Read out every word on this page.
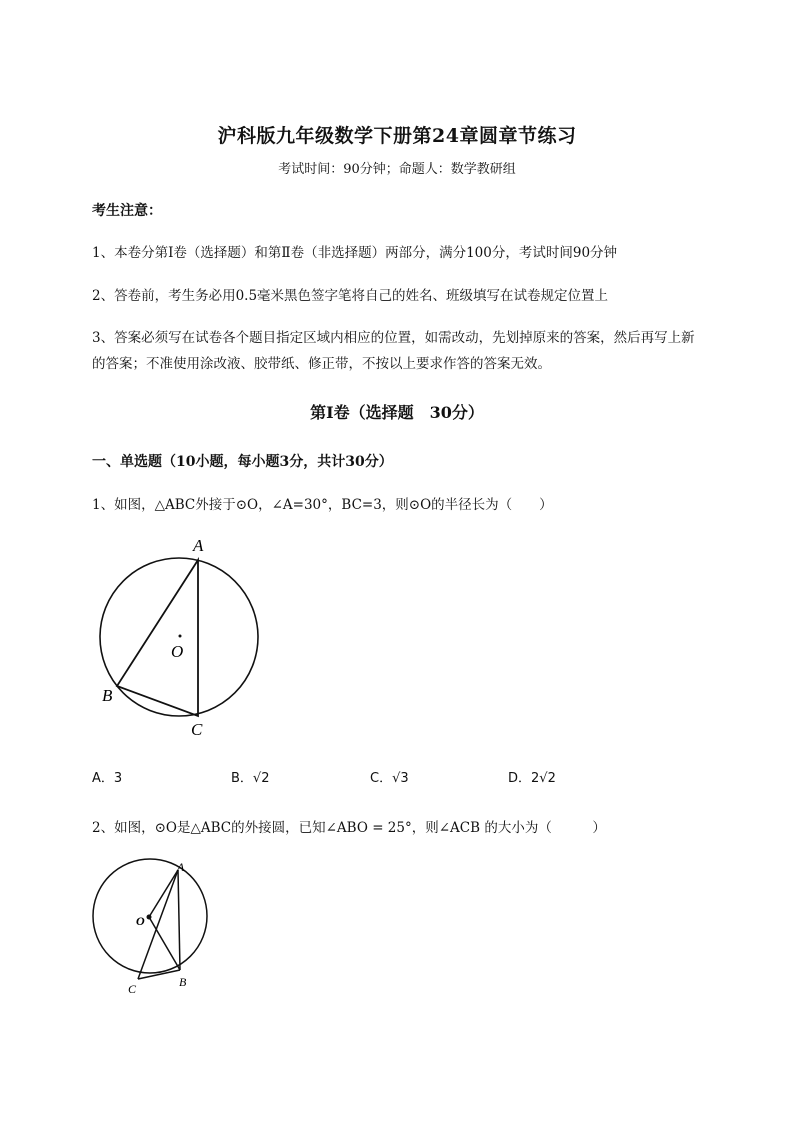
沪科版九年级数学下册第24章圆章节练习
考试时间：90分钟；命题人：数学教研组
考生注意：
1、本卷分第I卷（选择题）和第Ⅱ卷（非选择题）两部分，满分100分，考试时间90分钟
2、答卷前，考生务必用0.5毫米黑色签字笔将自己的姓名、班级填写在试卷规定位置上
3、答案必须写在试卷各个题目指定区域内相应的位置，如需改动，先划掉原来的答案，然后再写上新
的答案；不准使用涂改液、胶带纸、修正带，不按以上要求作答的答案无效。
第I卷（选择题　30分）
一、单选题（10小题，每小题3分，共计30分）
1、如图，△ABC外接于⊙O，∠A=30°，BC=3，则⊙O的半径长为（　　）
A
B
C
O
A．3	B．√2	C．√3	D．2√2
2、如图，⊙O是△ABC的外接圆，已知∠ABO = 25°，则∠ACB 的大小为（　　　）
A
B
C
O
